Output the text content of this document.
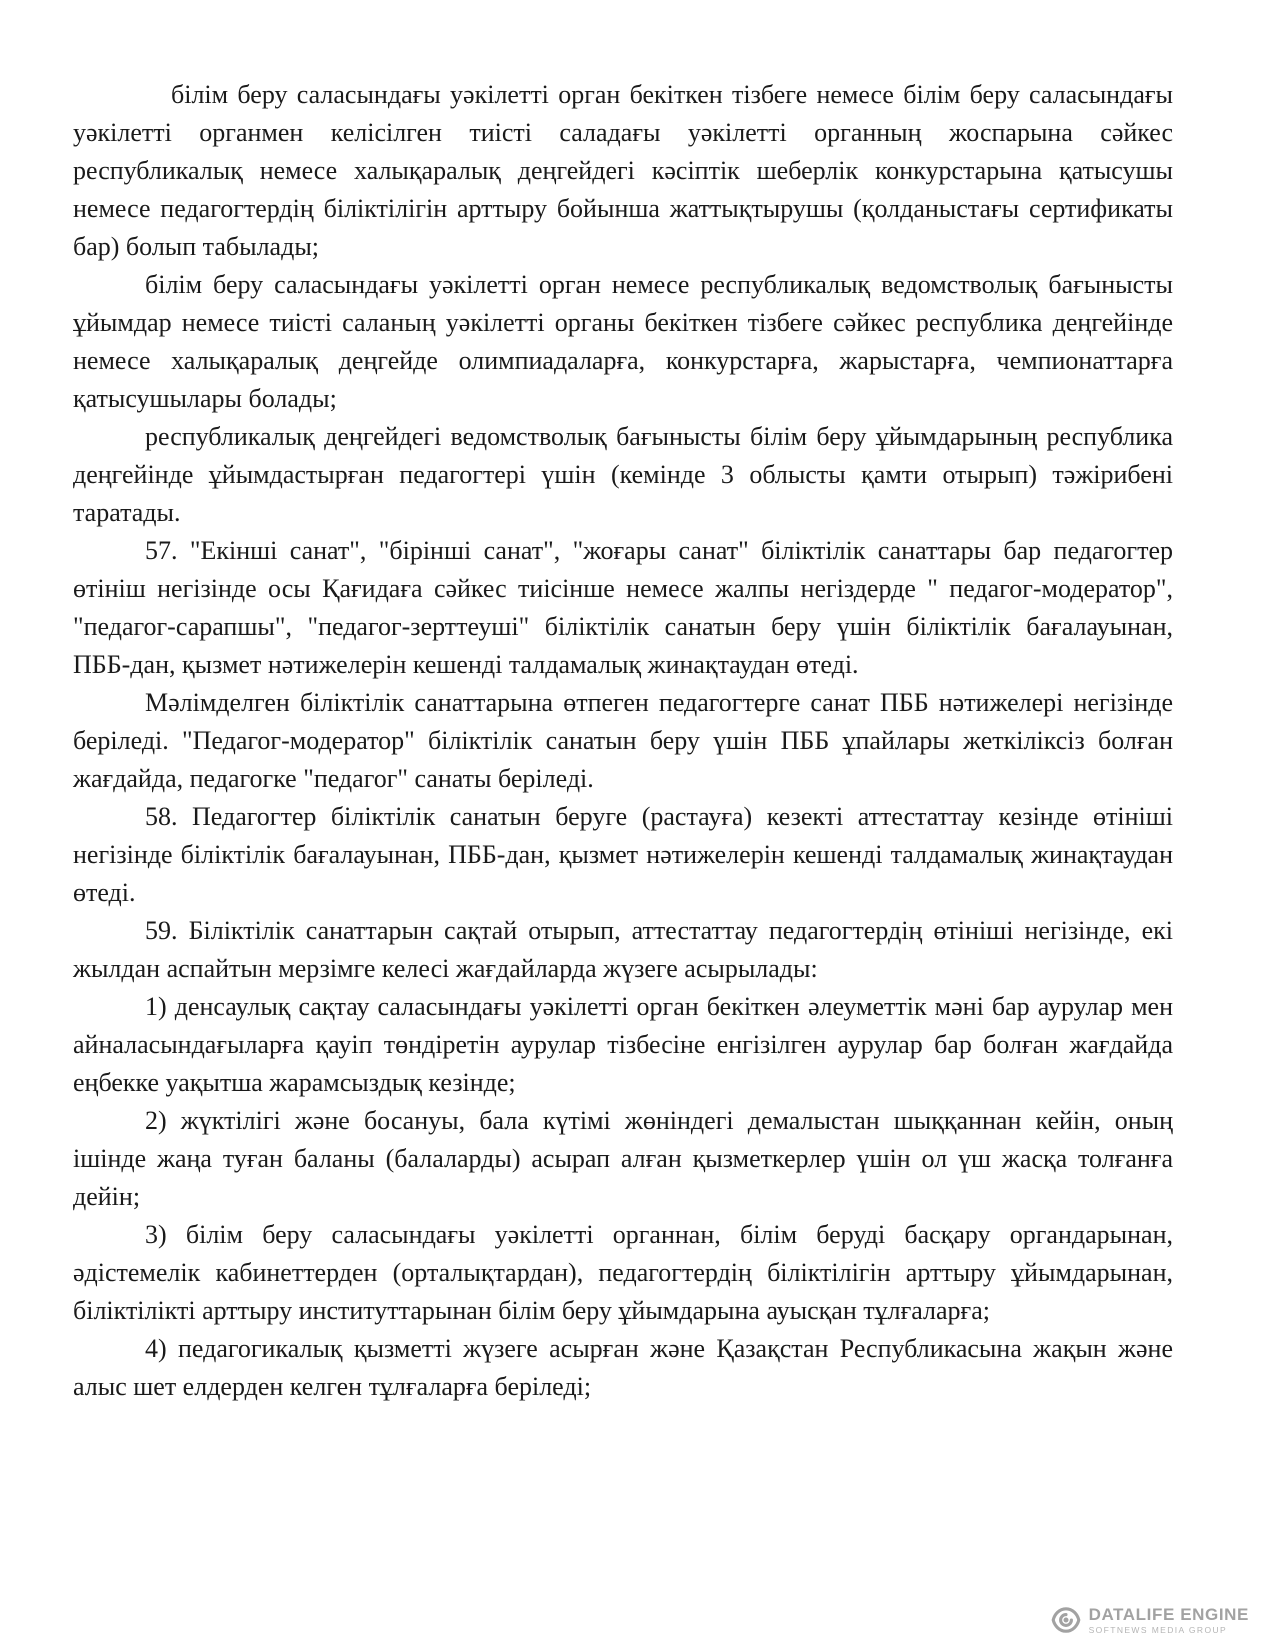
білім беру саласындағы уәкілетті орган бекіткен тізбеге немесе білім беру саласындағы уәкілетті органмен келісілген тиісті саладағы уәкілетті органның жоспарына сәйкес республикалық немесе халықаралық деңгейдегі кәсіптік шеберлік конкурстарына қатысушы немесе педагогтердің біліктілігін арттыру бойынша жаттықтырушы (қолданыстағы сертификаты бар) болып табылады;

білім беру саласындағы уәкілетті орган немесе республикалық ведомстволық бағынысты ұйымдар немесе тиісті саланың уәкілетті органы бекіткен тізбеге сәйкес республика деңгейінде немесе халықаралық деңгейде олимпиадаларға, конкурстарға, жарыстарға, чемпионаттарға қатысушылары болады;

республикалық деңгейдегі ведомстволық бағынысты білім беру ұйымдарының республика деңгейінде ұйымдастырған педагогтері үшін (кемінде 3 облысты қамти отырып) тәжірибені таратады.

57. "Екінші санат", "бірінші санат", "жоғары санат" біліктілік санаттары бар педагогтер өтініш негізінде осы Қағидаға сәйкес тиісінше немесе жалпы негіздерде " педагог-модератор", "педагог-сарапшы", "педагог-зерттеуші" біліктілік санатын беру үшін біліктілік бағалауынан, ПББ-дан, қызмет нәтижелерін кешенді талдамалық жинақтаудан өтеді.

Мәлімделген біліктілік санаттарына өтпеген педагогтерге санат ПББ нәтижелері негізінде беріледі. "Педагог-модератор" біліктілік санатын беру үшін ПББ ұпайлары жеткіліксіз болған жағдайда, педагогке "педагог" санаты беріледі.

58. Педагогтер біліктілік санатын беруге (растауға) кезекті аттестаттау кезінде өтініші негізінде біліктілік бағалауынан, ПББ-дан, қызмет нәтижелерін кешенді талдамалық жинақтаудан өтеді.

59. Біліктілік санаттарын сақтай отырып, аттестаттау педагогтердің өтініші негізінде, екі жылдан аспайтын мерзімге келесі жағдайларда жүзеге асырылады:

1) денсаулық сақтау саласындағы уәкілетті орган бекіткен әлеуметтік мәні бар аурулар мен айналасындағыларға қауіп төндіретін аурулар тізбесіне енгізілген аурулар бар болған жағдайда еңбекке уақытша жарамсыздық кезінде;

2) жүктілігі және босануы, бала күтімі жөніндегі демалыстан шыққаннан кейін, оның ішінде жаңа туған баланы (балаларды) асырап алған қызметкерлер үшін ол үш жасқа толғанға дейін;

3) білім беру саласындағы уәкілетті органнан, білім беруді басқару органдарынан, әдістемелік кабинеттерден (орталықтардан), педагогтердің біліктілігін арттыру ұйымдарынан, біліктілікті арттыру институттарынан білім беру ұйымдарына ауысқан тұлғаларға;

4) педагогикалық қызметті жүзеге асырған және Қазақстан Республикасына жақын және алыс шет елдерден келген тұлғаларға беріледі;

DATALIFE ENGINE
SOFTNEWS MEDIA GROUP
